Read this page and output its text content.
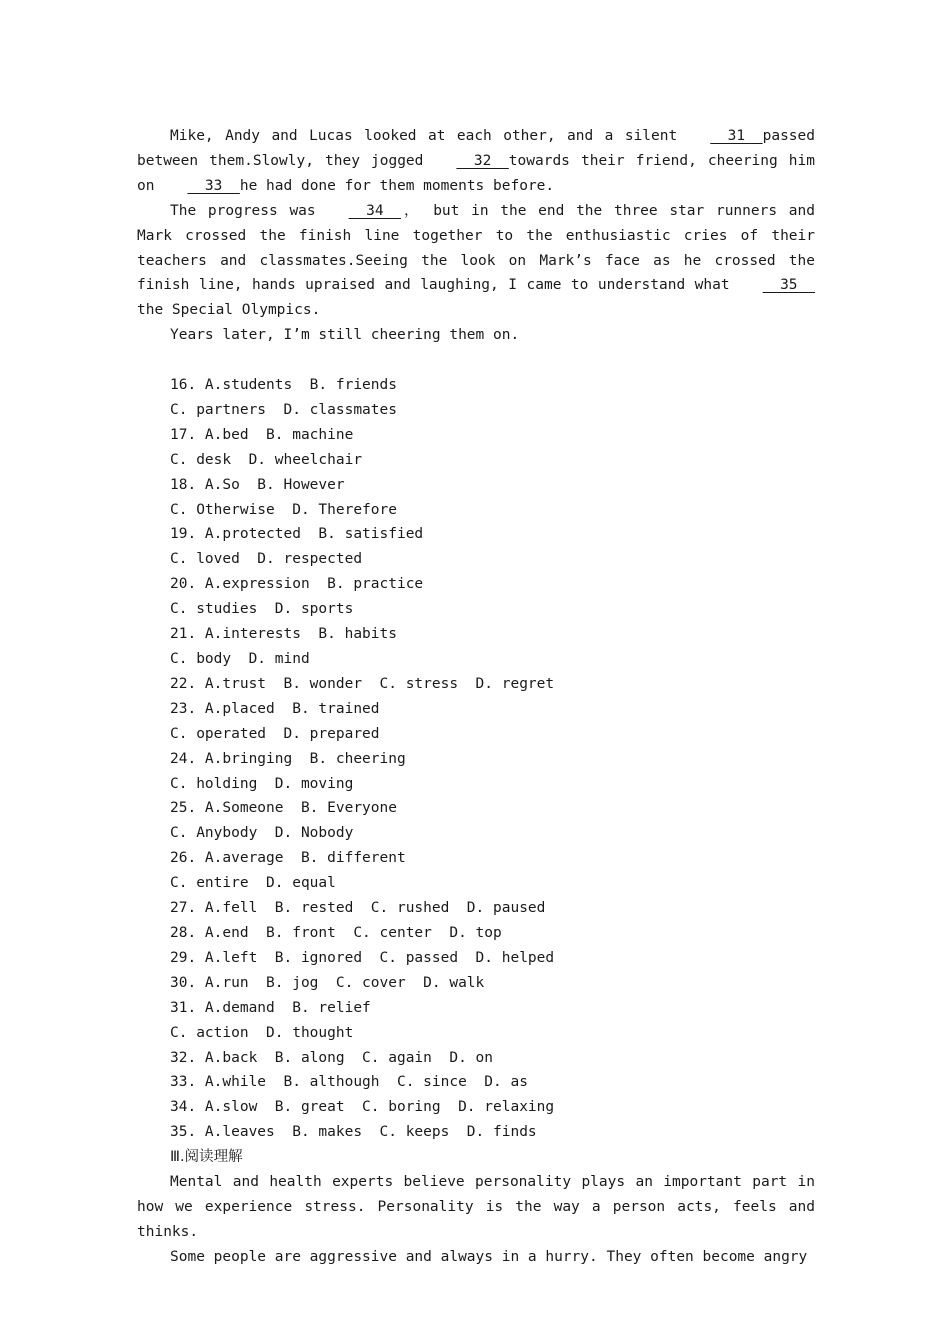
Mike, Andy and Lucas looked at each other, and a silent  31  passed between them.Slowly, they jogged  32  towards their friend, cheering him on  33  he had done for them moments before.

The progress was  34  ， but in the end the three star runners and Mark crossed the finish line together to the enthusiastic cries of their teachers and classmates.Seeing the look on Mark’s face as he crossed the finish line, hands upraised and laughing, I came to understand what  35  the Special Olympics.

Years later, I’m still cheering them on.

16. A.students  B. friends
C. partners  D. classmates
17. A.bed  B. machine
C. desk  D. wheelchair
18. A.So  B. However
C. Otherwise  D. Therefore
19. A.protected  B. satisfied
C. loved  D. respected
20. A.expression  B. practice
C. studies  D. sports
21. A.interests  B. habits
C. body  D. mind
22. A.trust  B. wonder  C. stress  D. regret
23. A.placed  B. trained
C. operated  D. prepared
24. A.bringing  B. cheering
C. holding  D. moving
25. A.Someone  B. Everyone
C. Anybody  D. Nobody
26. A.average  B. different
C. entire  D. equal
27. A.fell  B. rested  C. rushed  D. paused
28. A.end  B. front  C. center  D. top
29. A.left  B. ignored  C. passed  D. helped
30. A.run  B. jog  C. cover  D. walk
31. A.demand  B. relief
C. action  D. thought
32. A.back  B. along  C. again  D. on
33. A.while  B. although  C. since  D. as
34. A.slow  B. great  C. boring  D. relaxing
35. A.leaves  B. makes  C. keeps  D. finds
Ⅲ.阅读理解

Mental and health experts believe personality plays an important part in how we experience stress. Personality is the way a person acts, feels and thinks.

Some people are aggressive and always in a hurry. They often become angry
